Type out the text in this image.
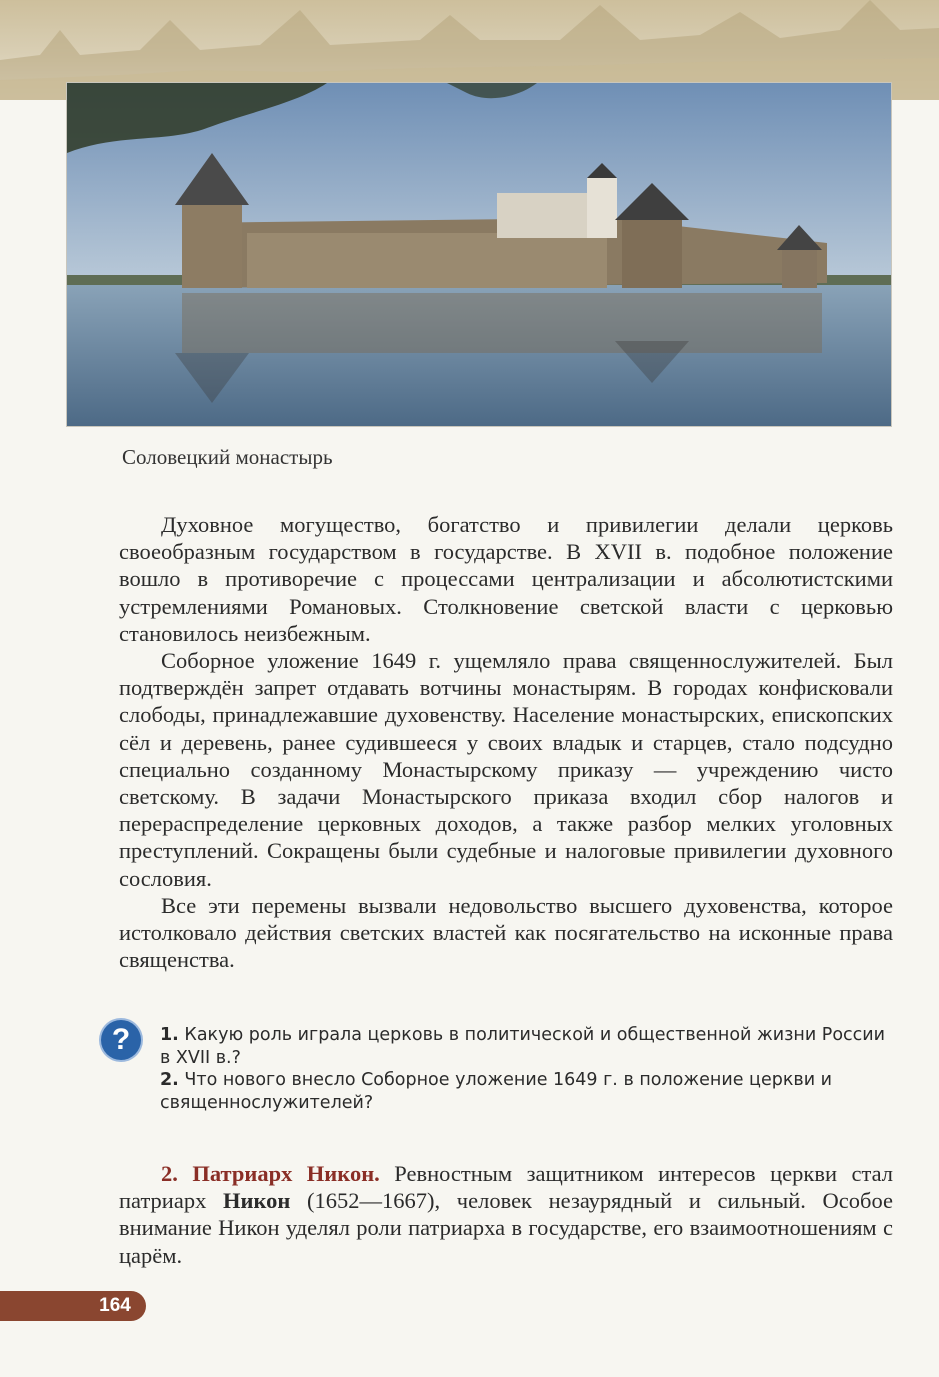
Соловецкий монастырь

Духовное могущество, богатство и привилегии делали церковь своеобразным государством в государстве. В XVII в. подобное положение вошло в противоречие с процессами централизации и абсолютистскими устремлениями Романовых. Столкновение светской власти с церковью становилось неизбежным.

Соборное уложение 1649 г. ущемляло права священнослужителей. Был подтверждён запрет отдавать вотчины монастырям. В городах конфисковали слободы, принадлежавшие духовенству. Население монастырских, епископских сёл и деревень, ранее судившееся у своих владык и старцев, стало подсудно специально созданному Монастырскому приказу — учреждению чисто светскому. В задачи Монастырского приказа входил сбор налогов и перераспределение церковных доходов, а также разбор мелких уголовных преступлений. Сокращены были судебные и налоговые привилегии духовного сословия.

Все эти перемены вызвали недовольство высшего духовенства, которое истолковало действия светских властей как посягательство на исконные права священства.

?	1. Какую роль играла церковь в политической и общественной жизни России в XVII в.?

2. Что нового внесло Соборное уложение 1649 г. в положение церкви и священнослужителей?

2. Патриарх Никон. Ревностным защитником интересов церкви стал патриарх Никон (1652—1667), человек незаурядный и сильный. Особое внимание Никон уделял роли патриарха в государстве, его взаимоотношениям с царём.

164
